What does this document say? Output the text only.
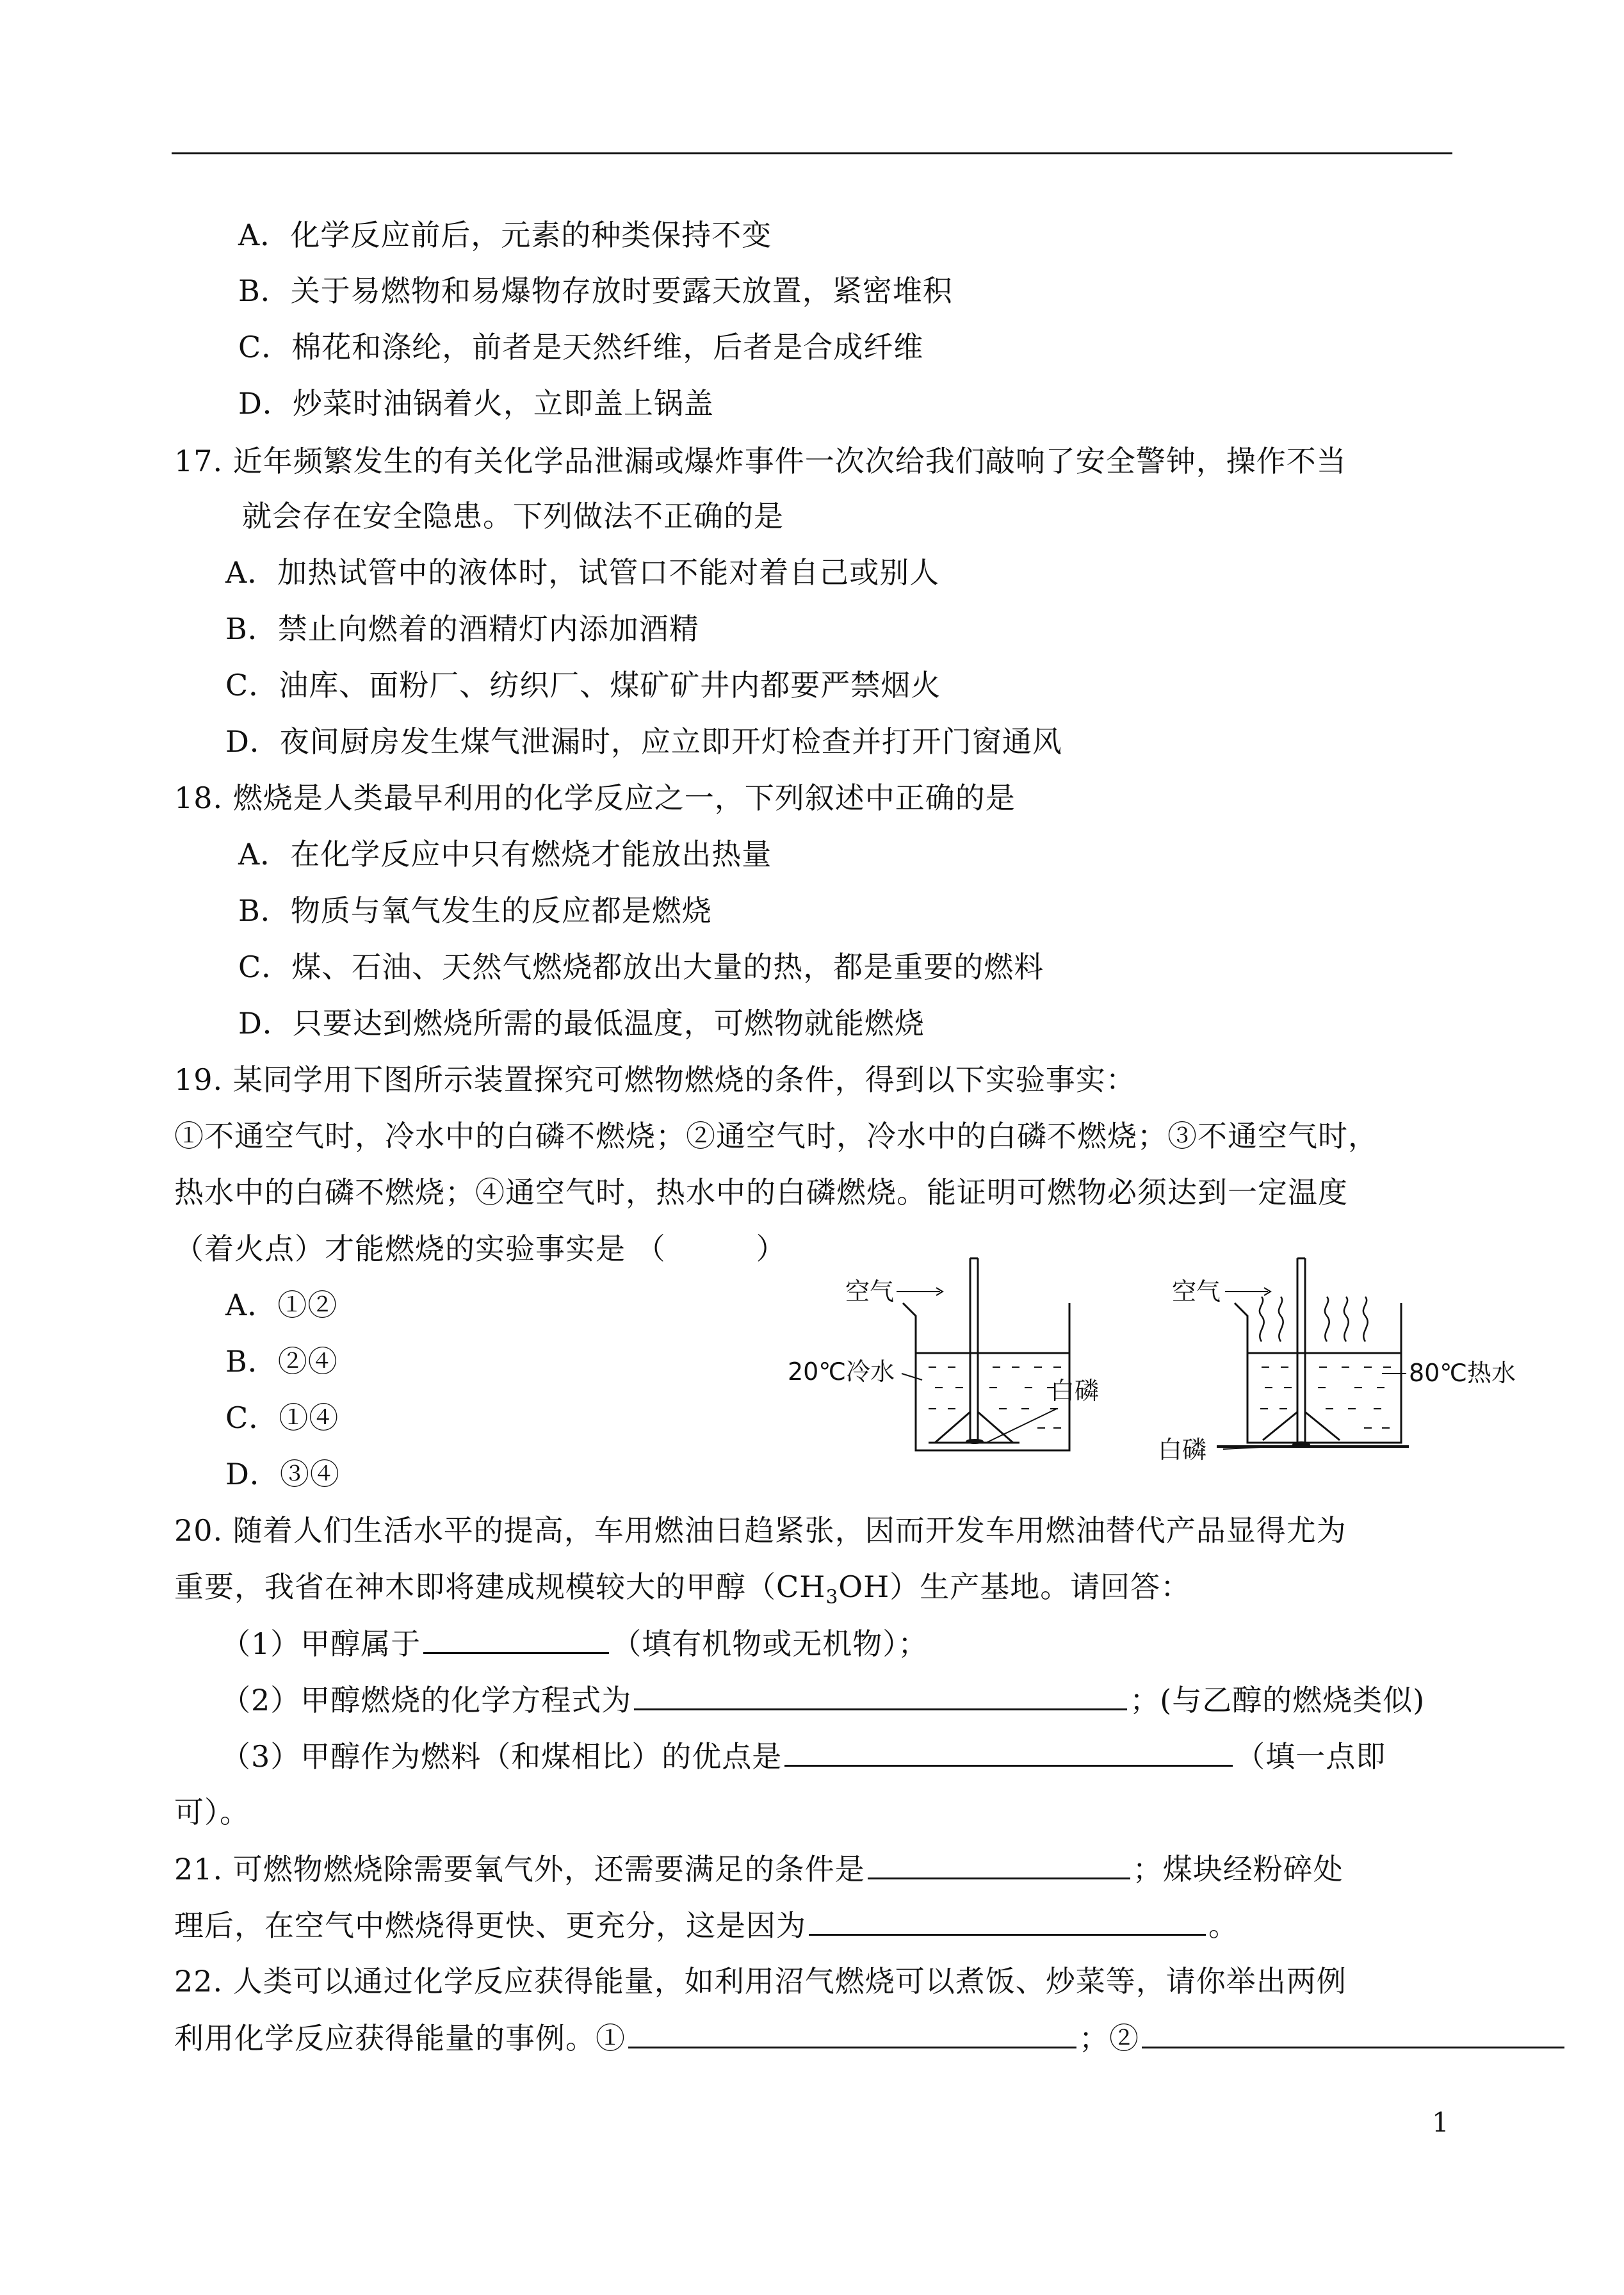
A．化学反应前后，元素的种类保持不变
B．关于易燃物和易爆物存放时要露天放置，紧密堆积
C．棉花和涤纶，前者是天然纤维，后者是合成纤维
D．炒菜时油锅着火，立即盖上锅盖
17. 近年频繁发生的有关化学品泄漏或爆炸事件一次次给我们敲响了安全警钟，操作不当
就会存在安全隐患。下列做法不正确的是
A．加热试管中的液体时，试管口不能对着自己或别人
B．禁止向燃着的酒精灯内添加酒精
C．油库、面粉厂、纺织厂、煤矿矿井内都要严禁烟火
D．夜间厨房发生煤气泄漏时，应立即开灯检查并打开门窗通风
18. 燃烧是人类最早利用的化学反应之一，下列叙述中正确的是
A．在化学反应中只有燃烧才能放出热量
B．物质与氧气发生的反应都是燃烧
C．煤、石油、天然气燃烧都放出大量的热，都是重要的燃料
D．只要达到燃烧所需的最低温度，可燃物就能燃烧
19. 某同学用下图所示装置探究可燃物燃烧的条件，得到以下实验事实：
①不通空气时，冷水中的白磷不燃烧；②通空气时，冷水中的白磷不燃烧；③不通空气时，
热水中的白磷不燃烧；④通空气时，热水中的白磷燃烧。能证明可燃物必须达到一定温度
（着火点）才能燃烧的实验事实是 （　　　）
A．①②
B．②④
C．①④
D．③④
空气
20℃冷水
白磷
空气
80℃热水
白磷
20. 随着人们生活水平的提高，车用燃油日趋紧张，因而开发车用燃油替代产品显得尤为
重要，我省在神木即将建成规模较大的甲醇$(CH_3OH)$生产基地。请回答：
（1）甲醇属于	（填有机物或无机物）；
（2）甲醇燃烧的化学方程式为	；(与乙醇的燃烧类似)
（3）甲醇作为燃料（和煤相比）的优点是	（填一点即
可）。
21. 可燃物燃烧除需要氧气外，还需要满足的条件是	；煤块经粉碎处
理后，在空气中燃烧得更快、更充分，这是因为	。
22. 人类可以通过化学反应获得能量，如利用沼气燃烧可以煮饭、炒菜等，请你举出两例
利用化学反应获得能量的事例。①	；②
1
